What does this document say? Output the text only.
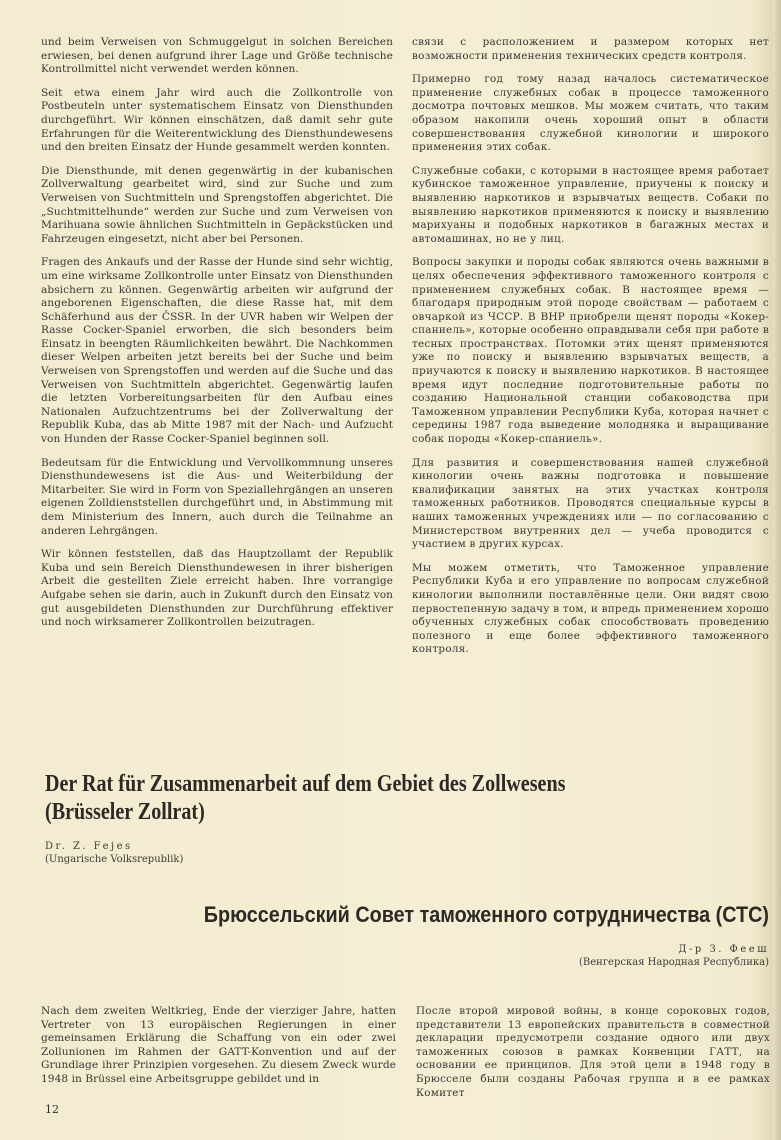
und beim Verweisen von Schmuggelgut in solchen Bereichen erwiesen, bei denen aufgrund ihrer Lage und Größe technische Kontrollmittel nicht verwendet werden können.

Seit etwa einem Jahr wird auch die Zollkontrolle von Postbeuteln unter systematischem Einsatz von Diensthunden durchgeführt. Wir können einschätzen, daß damit sehr gute Erfahrungen für die Weiterentwicklung des Diensthundewesens und den breiten Einsatz der Hunde gesammelt werden konnten.

Die Diensthunde, mit denen gegenwärtig in der kubanischen Zollverwaltung gearbeitet wird, sind zur Suche und zum Verweisen von Suchtmitteln und Sprengstoffen abgerichtet. Die „Suchtmittelhunde“ werden zur Suche und zum Verweisen von Marihuana sowie ähnlichen Suchtmitteln in Gepäckstücken und Fahrzeugen eingesetzt, nicht aber bei Personen.

Fragen des Ankaufs und der Rasse der Hunde sind sehr wichtig, um eine wirksame Zollkontrolle unter Einsatz von Diensthunden absichern zu können. Gegenwärtig arbeiten wir aufgrund der angeborenen Eigenschaften, die diese Rasse hat, mit dem Schäferhund aus der ČSSR. In der UVR haben wir Welpen der Rasse Cocker-Spaniel erworben, die sich besonders beim Einsatz in beengten Räumlichkeiten bewährt. Die Nachkommen dieser Welpen arbeiten jetzt bereits bei der Suche und beim Verweisen von Sprengstoffen und werden auf die Suche und das Verweisen von Suchtmitteln abgerichtet. Gegenwärtig laufen die letzten Vorbereitungsarbeiten für den Aufbau eines Nationalen Aufzuchtzentrums bei der Zollverwaltung der Republik Kuba, das ab Mitte 1987 mit der Nach- und Aufzucht von Hunden der Rasse Cocker-Spaniel beginnen soll.

Bedeutsam für die Entwicklung und Vervollkommnung unseres Diensthundewesens ist die Aus- und Weiterbildung der Mitarbeiter. Sie wird in Form von Speziallehrgängen an unseren eigenen Zolldienststellen durchgeführt und, in Abstimmung mit dem Ministerium des Innern, auch durch die Teilnahme an anderen Lehrgängen.

Wir können feststellen, daß das Hauptzollamt der Republik Kuba und sein Bereich Diensthundewesen in ihrer bisherigen Arbeit die gestellten Ziele erreicht haben. Ihre vorrangige Aufgabe sehen sie darin, auch in Zukunft durch den Einsatz von gut ausgebildeten Diensthunden zur Durchführung effektiver und noch wirksamerer Zollkontrollen beizutragen.

связи с расположением и размером которых нет возможности применения технических средств контроля.

Примерно год тому назад началось систематическое применение служебных собак в процессе таможенного досмотра почтовых мешков. Мы можем считать, что таким образом накопили очень хороший опыт в области совершенствования служебной кинологии и широкого применения этих собак.

Служебные собаки, с которыми в настоящее время работает кубинское таможенное управление, приучены к поиску и выявлению наркотиков и взрывчатых веществ. Собаки по выявлению наркотиков применяются к поиску и выявлению марихуаны и подобных наркотиков в багажных местах и автомашинах, но не у лиц.

Вопросы закупки и породы собак являются очень важными в целях обеспечения эффективного таможенного контроля с применением служебных собак. В настоящее время — благодаря природным этой породе свойствам — работаем с овчаркой из ЧССР. В ВНР приобрели щенят породы «Кокер-спаниель», которые особенно оправдывали себя при работе в тесных пространствах. Потомки этих щенят применяются уже по поиску и выявлению взрывчатых веществ, а приучаются к поиску и выявлению наркотиков. В настоящее время идут последние подготовительные работы по созданию Национальной станции собаководства при Таможенном управлении Республики Куба, которая начнет с середины 1987 года выведение молодняка и выращивание собак породы «Кокер-спаниель».

Для развития и совершенствования нашей служебной кинологии очень важны подготовка и повышение квалификации занятых на этих участках контроля таможенных работников. Проводятся специальные курсы в наших таможенных учреждениях или — по согласованию с Министерством внутренних дел — учеба проводится с участием в других курсах.

Мы можем отметить, что Таможенное управление Республики Куба и его управление по вопросам служебной кинологии выполнили поставлённые цели. Они видят свою первостепенную задачу в том, и впредь применением хорошо обученных служебных собак способствовать проведению полезного и еще более эффективного таможенного контроля.

Der Rat für Zusammenarbeit auf dem Gebiet des Zollwesens
(Brüsseler Zollrat)
Dr. Z. Fejes
(Ungarische Volksrepublik)
Брюссельский Совет таможенного сотрудничества (СТС)
Д-р З. Фееш
(Венгерская Народная Республика)

Nach dem zweiten Weltkrieg, Ende der vierziger Jahre, hatten Vertreter von 13 europäischen Regierungen in einer gemeinsamen Erklärung die Schaffung von ein oder zwei Zollunionen im Rahmen der GATT-Konvention und auf der Grundlage ihrer Prinzipien vorgesehen. Zu diesem Zweck wurde 1948 in Brüssel eine Arbeitsgruppe gebildet und in

После второй мировой войны, в конце сороковых годов, представители 13 европейских правительств в совместной декларации предусмотрели создание одного или двух таможенных союзов в рамках Конвенции ГАТТ, на основании ее принципов. Для этой цели в 1948 году в Брюсселе были созданы Рабочая группа и в ее рамках Комитет

12
